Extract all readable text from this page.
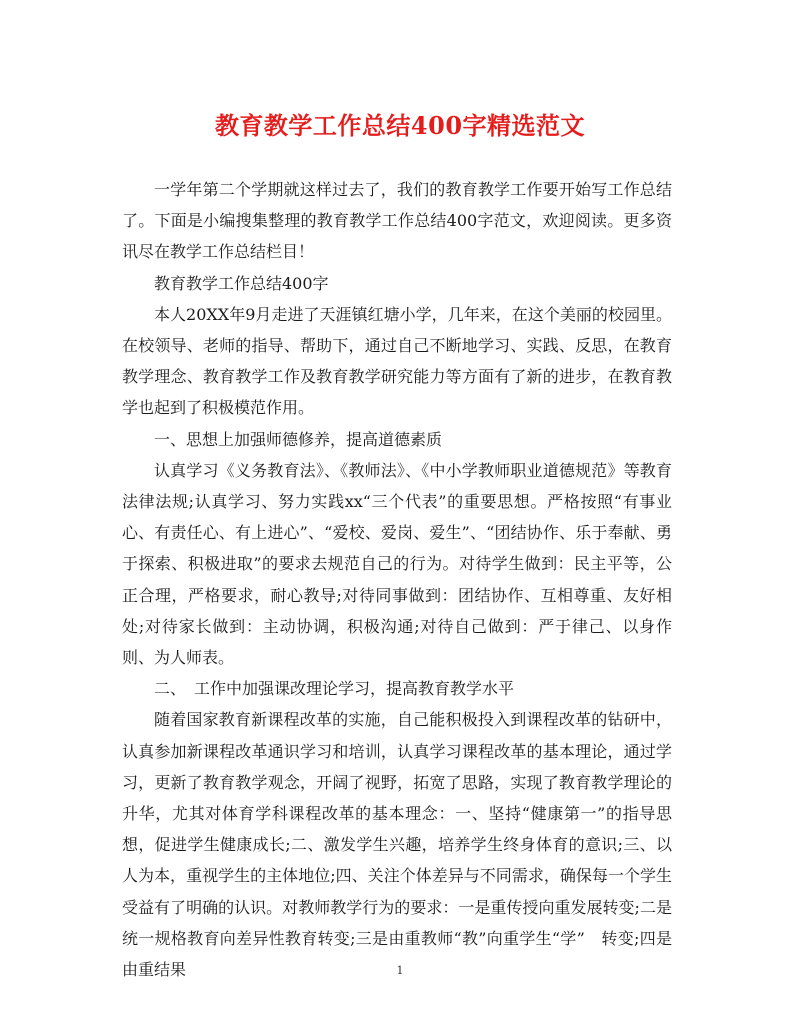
教育教学工作总结400字精选范文

一学年第二个学期就这样过去了，我们的教育教学工作要开始写工作总结了。下面是小编搜集整理的教育教学工作总结400字范文，欢迎阅读。更多资讯尽在教学工作总结栏目！

教育教学工作总结400字

本人20XX年9月走进了天涯镇红塘小学，几年来，在这个美丽的校园里。在校领导、老师的指导、帮助下，通过自己不断地学习、实践、反思，在教育教学理念、教育教学工作及教育教学研究能力等方面有了新的进步，在教育教学也起到了积极模范作用。

一、思想上加强师德修养，提高道德素质

认真学习《义务教育法》、《教师法》、《中小学教师职业道德规范》等教育法律法规;认真学习、努力实践xx“三个代表”的重要思想。严格按照“有事业心、有责任心、有上进心”、“爱校、爱岗、爱生”、“团结协作、乐于奉献、勇于探索、积极进取”的要求去规范自己的行为。对待学生做到：民主平等，公正合理，严格要求，耐心教导;对待同事做到：团结协作、互相尊重、友好相处;对待家长做到：主动协调，积极沟通;对待自己做到：严于律己、以身作则、为人师表。

二、　工作中加强课改理论学习，提高教育教学水平

随着国家教育新课程改革的实施，自己能积极投入到课程改革的钻研中，认真参加新课程改革通识学习和培训，认真学习课程改革的基本理论，通过学习，更新了教育教学观念，开阔了视野，拓宽了思路，实现了教育教学理论的升华，尤其对体育学科课程改革的基本理念：一、坚持“健康第一”的指导思想，促进学生健康成长;二、激发学生兴趣，培养学生终身体育的意识;三、以人为本，重视学生的主体地位;四、关注个体差异与不同需求，确保每一个学生受益有了明确的认识。对教师教学行为的要求：一是重传授向重发展转变;二是统一规格教育向差异性教育转变;三是由重教师“教”向重学生“学”　转变;四是由重结果	1
